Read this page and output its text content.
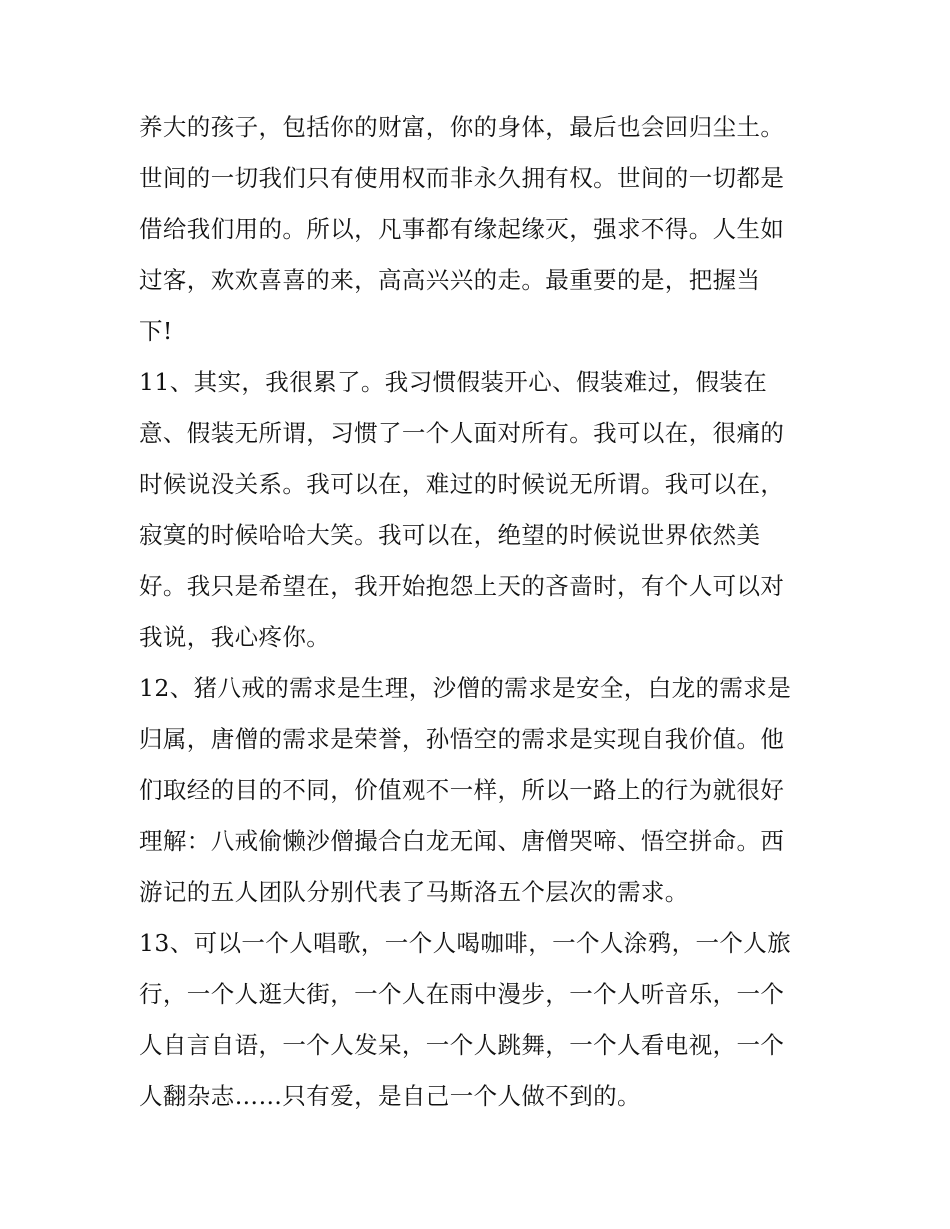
养大的孩子，包括你的财富，你的身体，最后也会回归尘土。
世间的一切我们只有使用权而非永久拥有权。世间的一切都是
借给我们用的。所以，凡事都有缘起缘灭，强求不得。人生如
过客，欢欢喜喜的来，高高兴兴的走。最重要的是，把握当
下!
11、其实，我很累了。我习惯假装开心、假装难过，假装在
意、假装无所谓，习惯了一个人面对所有。我可以在，很痛的
时候说没关系。我可以在，难过的时候说无所谓。我可以在，
寂寞的时候哈哈大笑。我可以在，绝望的时候说世界依然美
好。我只是希望在，我开始抱怨上天的吝啬时，有个人可以对
我说，我心疼你。
12、猪八戒的需求是生理，沙僧的需求是安全，白龙的需求是
归属，唐僧的需求是荣誉，孙悟空的需求是实现自我价值。他
们取经的目的不同，价值观不一样，所以一路上的行为就很好
理解：八戒偷懒沙僧撮合白龙无闻、唐僧哭啼、悟空拼命。西
游记的五人团队分别代表了马斯洛五个层次的需求。
13、可以一个人唱歌，一个人喝咖啡，一个人涂鸦，一个人旅
行，一个人逛大街，一个人在雨中漫步，一个人听音乐，一个
人自言自语，一个人发呆，一个人跳舞，一个人看电视，一个
人翻杂志……只有爱，是自己一个人做不到的。
